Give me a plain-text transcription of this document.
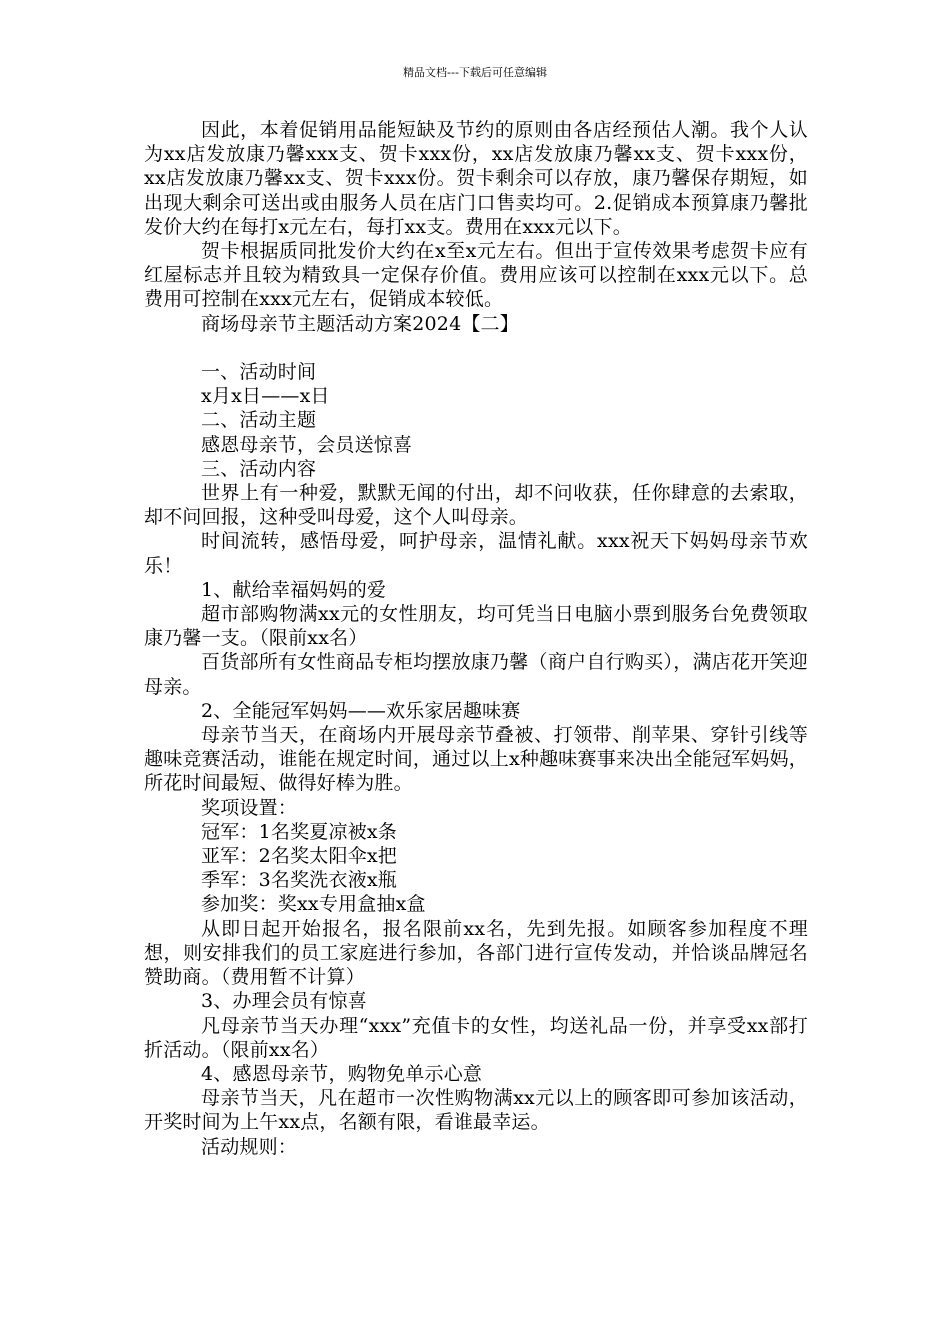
精品文档---下载后可任意编辑

因此，本着促销用品能短缺及节约的原则由各店经预估人潮。我个人认为xx店发放康乃馨xxx支、贺卡xxx份，xx店发放康乃馨xx支、贺卡xxx份，xx店发放康乃馨xx支、贺卡xxx份。贺卡剩余可以存放，康乃馨保存期短，如出现大剩余可送出或由服务人员在店门口售卖均可。2.促销成本预算康乃馨批发价大约在每打x元左右，每打xx支。费用在xxx元以下。

贺卡根据质同批发价大约在x至x元左右。但出于宣传效果考虑贺卡应有红屋标志并且较为精致具一定保存价值。费用应该可以控制在xxx元以下。总费用可控制在xxx元左右，促销成本较低。

商场母亲节主题活动方案2024【二】

一、活动时间

x月x日——x日

二、活动主题

感恩母亲节，会员送惊喜

三、活动内容

世界上有一种爱，默默无闻的付出，却不问收获，任你肆意的去索取，却不问回报，这种受叫母爱，这个人叫母亲。

时间流转，感悟母爱，呵护母亲，温情礼献。xxx祝天下妈妈母亲节欢乐！

1、献给幸福妈妈的爱

超市部购物满xx元的女性朋友，均可凭当日电脑小票到服务台免费领取康乃馨一支。（限前xx名）

百货部所有女性商品专柜均摆放康乃馨（商户自行购买），满店花开笑迎母亲。

2、全能冠军妈妈——欢乐家居趣味赛

母亲节当天，在商场内开展母亲节叠被、打领带、削苹果、穿针引线等趣味竞赛活动，谁能在规定时间，通过以上x种趣味赛事来决出全能冠军妈妈，所花时间最短、做得好棒为胜。

奖项设置：

冠军：1名奖夏凉被x条

亚军：2名奖太阳伞x把

季军：3名奖洗衣液x瓶

参加奖：奖xx专用盒抽x盒

从即日起开始报名，报名限前xx名，先到先报。如顾客参加程度不理想，则安排我们的员工家庭进行参加，各部门进行宣传发动，并恰谈品牌冠名赞助商。（费用暂不计算）

3、办理会员有惊喜

凡母亲节当天办理“xxx”充值卡的女性，均送礼品一份，并享受xx部打折活动。（限前xx名）

4、感恩母亲节，购物免单示心意

母亲节当天，凡在超市一次性购物满xx元以上的顾客即可参加该活动，开奖时间为上午xx点，名额有限，看谁最幸运。

活动规则：
